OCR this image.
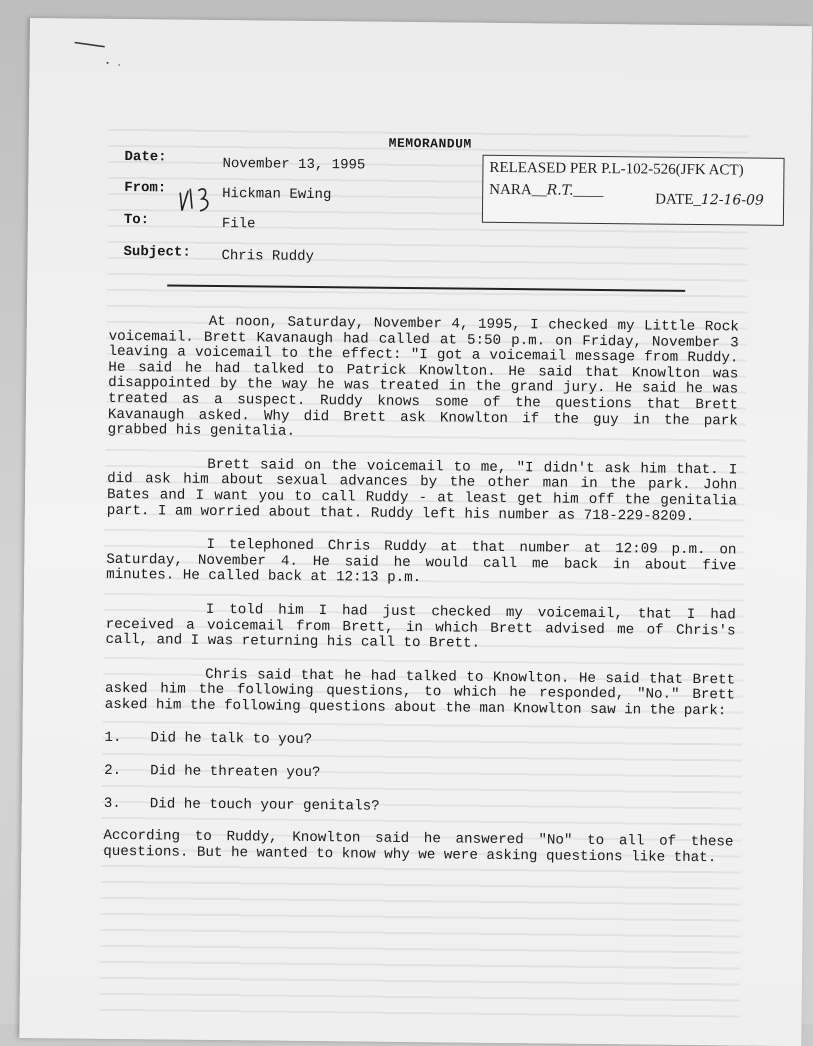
MEMORANDUM
Date:	November 13, 1995
From:	Hickman Ewing
To:	File
Subject: Chris Ruddy
RELEASED PER P.L-102-526(JFK ACT)
NARA__R.T.____
DATE_12-16-09

At noon, Saturday, November 4, 1995, I checked my Little Rock voicemail. Brett Kavanaugh had called at 5:50 p.m. on Friday, November 3 leaving a voicemail to the effect: "I got a voicemail message from Ruddy. He said he had talked to Patrick Knowlton. He said that Knowlton was disappointed by the way he was treated in the grand jury. He said he was treated as a suspect. Ruddy knows some of the questions that Brett Kavanaugh asked. Why did Brett ask Knowlton if the guy in the park grabbed his genitalia.

Brett said on the voicemail to me, "I didn't ask him that. I did ask him about sexual advances by the other man in the park. John Bates and I want you to call Ruddy - at least get him off the genitalia part. I am worried about that. Ruddy left his number as 718-229-8209.

I telephoned Chris Ruddy at that number at 12:09 p.m. on Saturday, November 4. He said he would call me back in about five minutes. He called back at 12:13 p.m.

I told him I had just checked my voicemail, that I had received a voicemail from Brett, in which Brett advised me of Chris's call, and I was returning his call to Brett.

Chris said that he had talked to Knowlton. He said that Brett asked him the following questions, to which he responded, "No." Brett asked him the following questions about the man Knowlton saw in the park:

1. Did he talk to you?
2. Did he threaten you?
3. Did he touch your genitals?

According to Ruddy, Knowlton said he answered "No" to all of these questions. But he wanted to know why we were asking questions like that.
